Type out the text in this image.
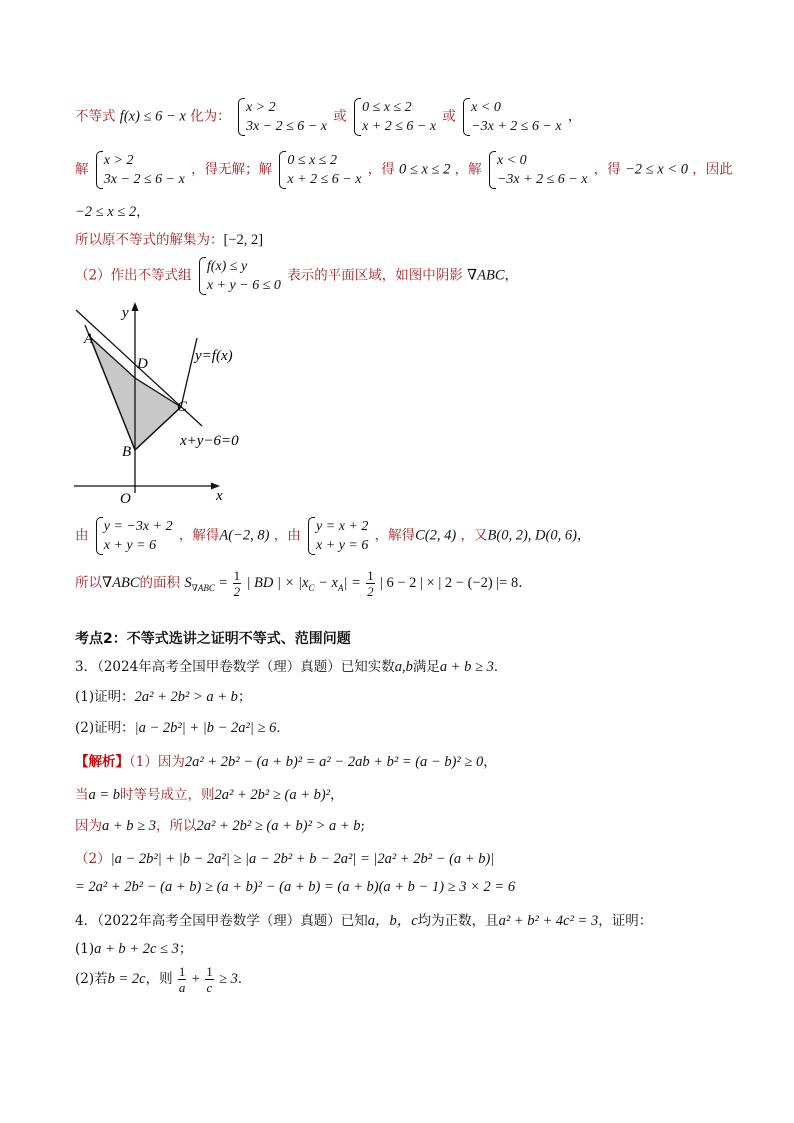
不等式 f(x) ≤ 6 − x 化为：
x > 2
3x − 2 ≤ 6 − x
或
0 ≤ x ≤ 2
x + 2 ≤ 6 − x
或
x < 0
−3x + 2 ≤ 6 − x
，
解
x > 2
3x − 2 ≤ 6 − x
，得无解；解
0 ≤ x ≤ 2
x + 2 ≤ 6 − x
，得 0 ≤ x ≤ 2 ，解
x < 0
−3x + 2 ≤ 6 − x
，得 −2 ≤ x < 0 ，因此
−2 ≤ x ≤ 2，
所以原不等式的解集为：[−2, 2]
（2）作出不等式组
f(x) ≤ y
x + y − 6 ≤ 0
表示的平面区域，如图中阴影 ∇ABC，
y
x
O
A
B
C
D	y=f(x)
x+y−6=0
由
y = −3x + 2
x + y = 6
，解得A(−2, 8) ，由
y = x + 2
x + y = 6
，解得C(2, 4) ，又B(0, 2), D(0, 6)，
所以∇ABC的面积 $S_{\nabla ABC} = \frac{1}{2}$ | BD | × $|x_C - x_A| = \frac{1}{2}$ | 6 − 2 | × | 2 − (−2) |= 8.
考点2：不等式选讲之证明不等式、范围问题
3．（2024年高考全国甲卷数学（理）真题）已知实数a,b满足a + b ≥ 3．
(1)证明：2a² + 2b² > a + b；
(2)证明：|a − 2b²| + |b − 2a²| ≥ 6．
【解析】（1）因为2a² + 2b² − (a + b)² = a² − 2ab + b² = (a − b)² ≥ 0，
当a = b时等号成立，则2a² + 2b² ≥ (a + b)²，
因为a + b ≥ 3，所以2a² + 2b² ≥ (a + b)² > a + b;
（2）|a − 2b²| + |b − 2a²| ≥ |a − 2b² + b − 2a²| = |2a² + 2b² − (a + b)|
= 2a² + 2b² − (a + b) ≥ (a + b)² − (a + b) = (a + b)(a + b − 1) ≥ 3 × 2 = 6
4．（2022年高考全国甲卷数学（理）真题）已知a，b，c均为正数，且a² + b² + 4c² = 3，证明：
(1)a + b + 2c ≤ 3；
(2)若b = 2c，则 $\frac{1}{a} + \frac{1}{c} \ge 3$．
